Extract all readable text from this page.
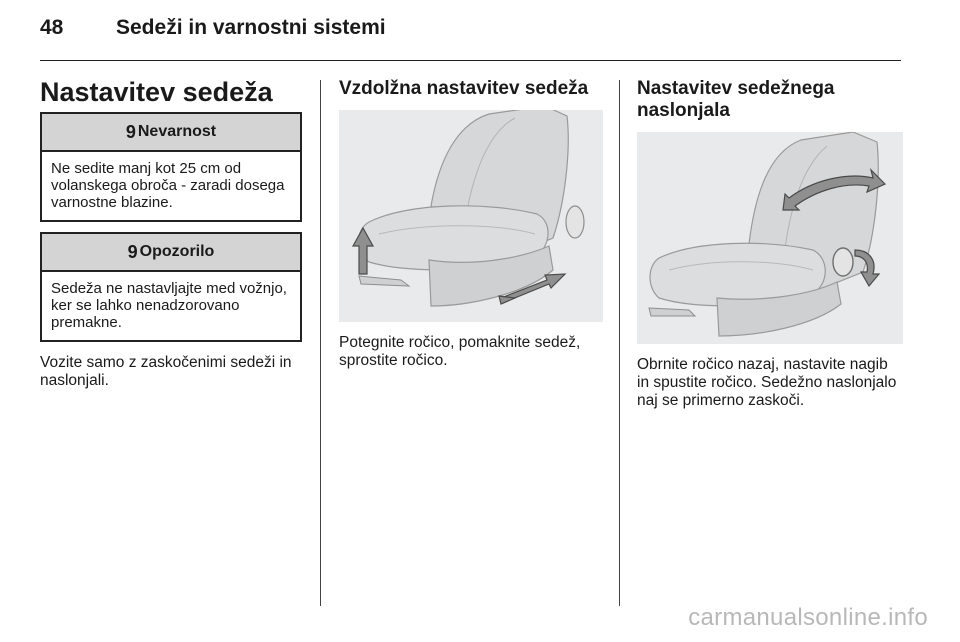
48	Sedeži in varnostni sistemi
Nastavitev sedeža
9 Nevarnost
Ne sedite manj kot 25 cm od volanskega obroča - zaradi dosega varnostne blazine.
9 Opozorilo
Sedeža ne nastavljajte med vožnjo, ker se lahko nenadzorovano premakne.

Vozite samo z zaskočenimi sedeži in naslonjali.

Vzdolžna nastavitev sedeža

Potegnite ročico, pomaknite sedež, sprostite ročico.

Nastavitev sedežnega naslonjala

Obrnite ročico nazaj, nastavite nagib in spustite ročico. Sedežno naslonjalo naj se primerno zaskoči.

carmanualsonline.info
